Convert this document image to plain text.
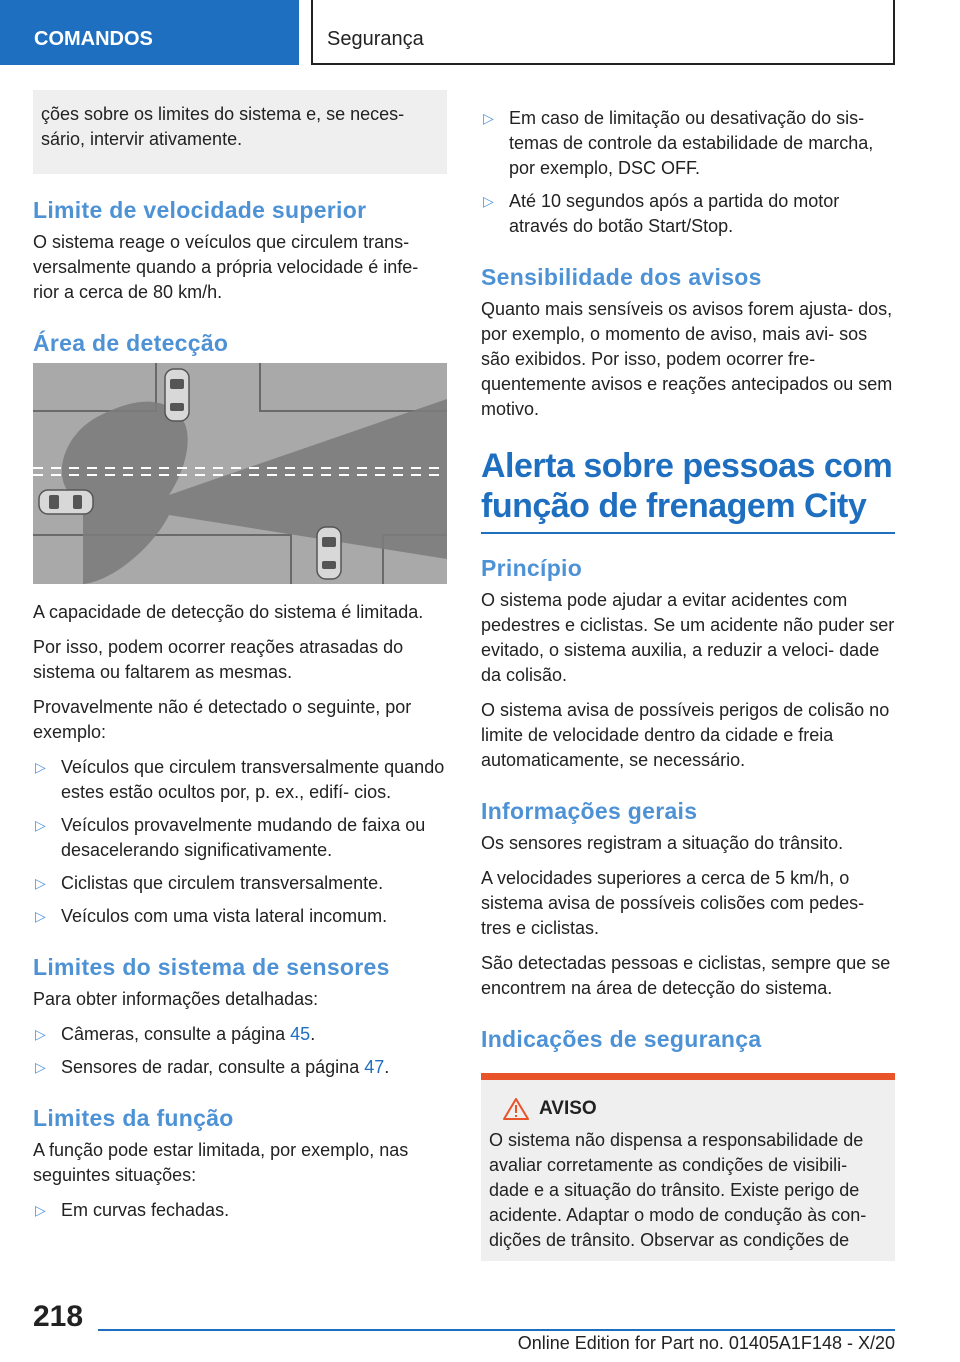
COMANDOS	Segurança

ções sobre os limites do sistema e, se neces- sário, intervir ativamente.

Limite de velocidade superior

O sistema reage o veículos que circulem trans- versalmente quando a própria velocidade é infe- rior a cerca de 80 km/h.

Área de detecção

A capacidade de detecção do sistema é limitada.

Por isso, podem ocorrer reações atrasadas do sistema ou faltarem as mesmas.

Provavelmente não é detectado o seguinte, por exemplo:

▷ Veículos que circulem transversalmente quando estes estão ocultos por, p. ex., edifí- cios.
▷ Veículos provavelmente mudando de faixa ou desacelerando significativamente.
▷ Ciclistas que circulem transversalmente.
▷ Veículos com uma vista lateral incomum.
Limites do sistema de sensores

Para obter informações detalhadas:

▷ Câmeras, consulte a página 45.
▷ Sensores de radar, consulte a página 47.
Limites da função

A função pode estar limitada, por exemplo, nas seguintes situações:

▷ Em curvas fechadas.
▷ Em caso de limitação ou desativação do sis- temas de controle da estabilidade de marcha, por exemplo, DSC OFF.
▷ Até 10 segundos após a partida do motor através do botão Start/Stop.
Sensibilidade dos avisos

Quanto mais sensíveis os avisos forem ajusta- dos, por exemplo, o momento de aviso, mais avi- sos são exibidos. Por isso, podem ocorrer fre- quentemente avisos e reações antecipados ou sem motivo.

Alerta sobre pessoas com função de frenagem City
Princípio

O sistema pode ajudar a evitar acidentes com pedestres e ciclistas. Se um acidente não puder ser evitado, o sistema auxilia, a reduzir a veloci- dade da colisão.

O sistema avisa de possíveis perigos de colisão no limite de velocidade dentro da cidade e freia automaticamente, se necessário.

Informações gerais

Os sensores registram a situação do trânsito.

A velocidades superiores a cerca de 5 km/h, o sistema avisa de possíveis colisões com pedes- tres e ciclistas.

São detectadas pessoas e ciclistas, sempre que se encontrem na área de detecção do sistema.

Indicações de segurança
AVISO

O sistema não dispensa a responsabilidade de avaliar corretamente as condições de visibili- dade e a situação do trânsito. Existe perigo de acidente. Adaptar o modo de condução às con- dições de trânsito. Observar as condições de

218
Online Edition for Part no. 01405A1F148 - X/20
